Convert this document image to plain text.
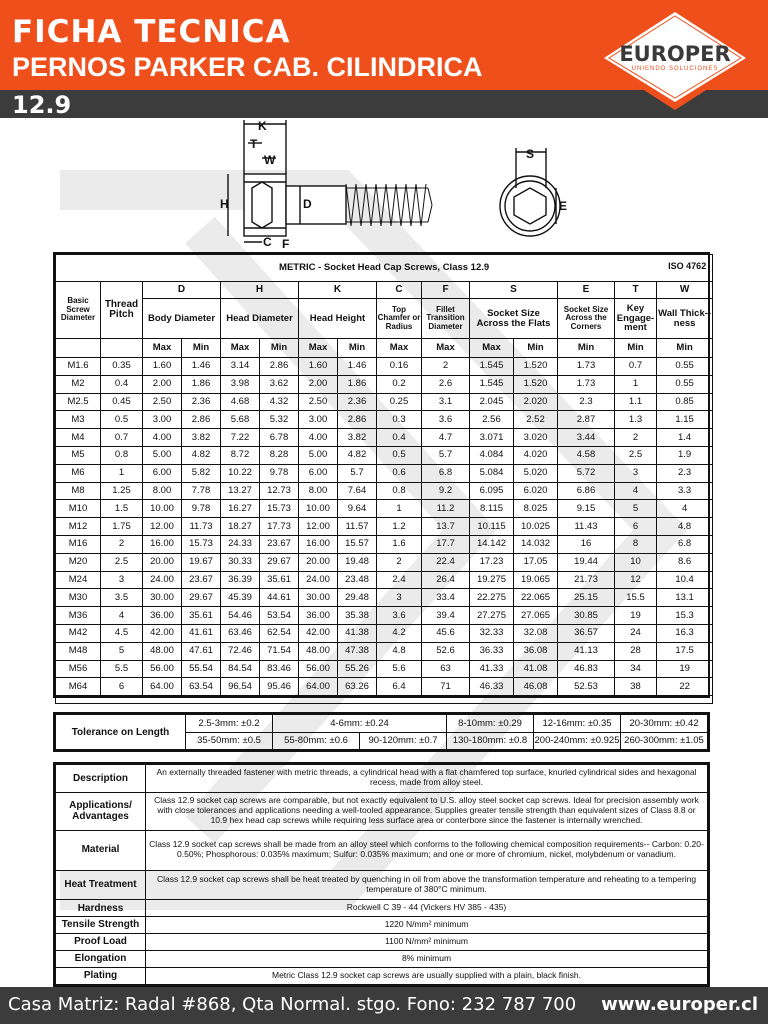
FICHA TECNICA
PERNOS PARKER CAB. CILINDRICA
12.9
EUROPER
UNIENDO SOLUCIONES
K
T
W
H	D
C F
S
E
METRIC - Socket Head Cap Screws, Class 12.9 ISO 4762														

Basic Screw Diameter	Thread Pitch	D		H		K		C	F	S		E	T	W
		Body Diameter		Head Diameter		Head Height		Top Chamfer or Radius	Fillet Transition Diameter	Socket Size Across the Flats		Socket Size Across the Corners	Key Engage-ment	Wall Thick--ness
		Max	Min	Max	Min	Max	Min	Max	Max	Max	Min	Min	Min	Min
M1.6	0.35	1.60	1.46	3.14	2.86	1.60	1.46	0.16	2	1.545	1.520	1.73	0.7	0.55
M2	0.4	2.00	1.86	3.98	3.62	2.00	1.86	0.2	2.6	1.545	1.520	1.73	1	0.55
M2.5	0.45	2.50	2.36	4.68	4.32	2.50	2.36	0.25	3.1	2.045	2.020	2.3	1.1	0.85
M3	0.5	3.00	2.86	5.68	5.32	3.00	2.86	0.3	3.6	2.56	2.52	2.87	1.3	1.15
M4	0.7	4.00	3.82	7.22	6.78	4.00	3.82	0.4	4.7	3.071	3.020	3.44	2	1.4
M5	0.8	5.00	4.82	8.72	8.28	5.00	4.82	0.5	5.7	4.084	4.020	4.58	2.5	1.9
M6	1	6.00	5.82	10.22	9.78	6.00	5.7	0.6	6.8	5.084	5.020	5.72	3	2.3
M8	1.25	8.00	7.78	13.27	12.73	8.00	7.64	0.8	9.2	6.095	6.020	6.86	4	3.3
M10	1.5	10.00	9.78	16.27	15.73	10.00	9.64	1	11.2	8.115	8.025	9.15	5	4
M12	1.75	12.00	11.73	18.27	17.73	12.00	11.57	1.2	13.7	10.115	10.025	11.43	6	4.8
M16	2	16.00	15.73	24.33	23.67	16.00	15.57	1.6	17.7	14.142	14.032	16	8	6.8
M20	2.5	20.00	19.67	30.33	29.67	20.00	19.48	2	22.4	17.23	17.05	19.44	10	8.6
M24	3	24.00	23.67	36.39	35.61	24.00	23.48	2.4	26.4	19.275	19.065	21.73	12	10.4
M30	3.5	30.00	29.67	45.39	44.61	30.00	29.48	3	33.4	22.275	22.065	25.15	15.5	13.1
M36	4	36.00	35.61	54.46	53.54	36.00	35.38	3.6	39.4	27.275	27.065	30.85	19	15.3
M42	4.5	42.00	41.61	63.46	62.54	42.00	41.38	4.2	45.6	32.33	32.08	36.57	24	16.3
M48	5	48.00	47.61	72.46	71.54	48.00	47.38	4.8	52.6	36.33	36.08	41.13	28	17.5
M56	5.5	56.00	55.54	84.54	83.46	56.00	55.26	5.6	63	41.33	41.08	46.83	34	19
M64	6	64.00	63.54	96.54	95.46	64.00	63.26	6.4	71	46.33	46.08	52.53	38	22

Tolerance on Length	2.5-3mm: ±0.2	4-6mm: ±0.24		8-10mm: ±0.29	12-16mm: ±0.35	20-30mm: ±0.42
	35-50mm: ±0.5	55-80mm: ±0.6	90-120mm: ±0.7	130-180mm: ±0.8	200-240mm: ±0.925	260-300mm: ±1.05
Description	An externally threaded fastener with metric threads, a cylindrical head with a flat chamfered top surface, knurled cylindrical sides and hexagonal recess, made from alloy steel.
Applications/ Advantages	Class 12.9 socket cap screws are comparable, but not exactly equivalent to U.S. alloy steel socket cap screws. Ideal for precision assembly work with close tolerances and applications needing a well-tooled appearance. Supplies greater tensile strength than equivalent sizes of Class 8.8 or 10.9 hex head cap screws while requiring less surface area or conterbore since the fastener is internally wrenched.
Material	Class 12.9 socket cap screws shall be made from an alloy steel which conforms to the following chemical composition requirements-- Carbon: 0.20-0.50%; Phosphorous: 0.035% maximum; Sulfur: 0.035% maximum; and one or more of chromium, nickel, molybdenum or vanadium.
Heat Treatment	Class 12.9 socket cap screws shall be heat treated by quenching in oil from above the transformation temperature and reheating to a tempering temperature of 380°C minimum.
Hardness	Rockwell C 39 - 44 (Vickers HV 385 - 435)
Tensile Strength	1220 N/mm² minimum
Proof Load	1100 N/mm² minimum
Elongation	8% minimum
Plating	Metric Class 12.9 socket cap screws are usually supplied with a plain, black finish.
Casa Matriz: Radal #868, Qta Normal. stgo. Fono: 232 787 700 www.europer.cl
